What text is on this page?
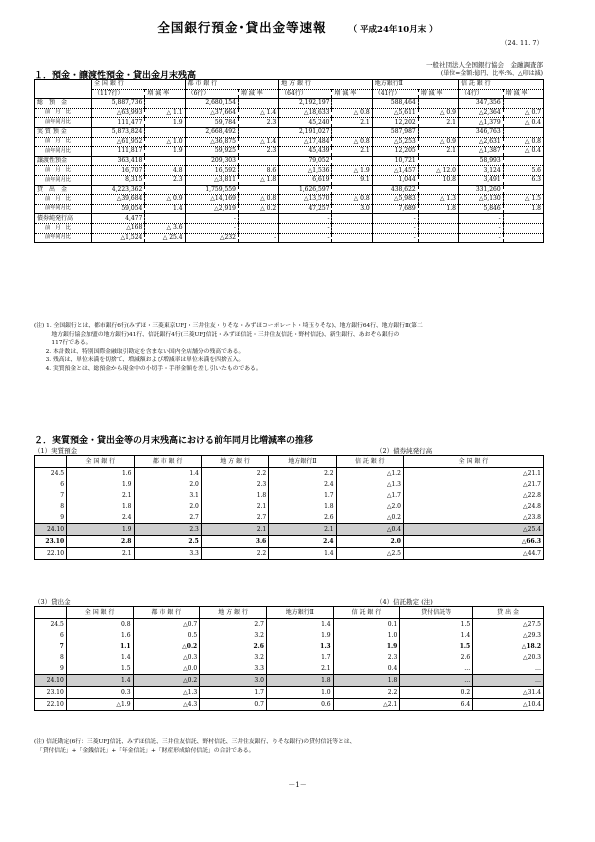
全国銀行預金･貸出金等速報	（ 平成24年10月末 ）
（24. 11. 7）
一般社団法人全国銀行協会　金融調査部
(単位=金額:億円、比率:%、△印は減)
１．預金・譲渡性預金・貸出金月末残高
	全 国 銀 行		都 市 銀 行		地 方 銀 行		地方銀行Ⅱ		信 託 銀 行	
	（117行）	増 減 率	（6行）	増 減 率	（64行）	増 減 率	（41行）	増 減 率	（4行）	増 減 率
総　預　金	5,887,736		2,680,154		2,192,197		588,464		347,356	
前　月　比	△63,993	△ 1.1	△37,664	△ 1.4	△18,633	△ 0.8	△5,611	△ 0.9	△2,364	△ 0.7
前年同月比	111,477	1.9	59,784	2.3	45,240	2.1	12,202	2.1	△1,379	△ 0.4
実 質 預 金	5,873,824		2,668,492		2,191,027		587,987		346,763	
前　月　比	△61,952	△ 1.0	△36,875	△ 1.4	△17,484	△ 0.8	△5,253	△ 0.9	△2,631	△ 0.8
前年同月比	111,817	1.9	59,925	2.3	45,439	2.1	12,205	2.1	△1,387	△ 0.4
譲渡性預金	363,418		209,303		79,052		10,721		58,993	
前　月　比	16,707	4.8	16,592	8.6	△1,536	△ 1.9	△1,457	△ 12.0	3,124	5.6
前年同月比	8,315	2.3	△3,811	△ 1.8	6,619	9.1	1,044	10.8	3,491	6.3
貸　出　金	4,223,362		1,759,559		1,626,597		438,622		331,260	
前　月　比	△39,684	△ 0.9	△14,169	△ 0.8	△13,570	△ 0.8	△5,983	△ 1.3	△5,130	△ 1.5
前年同月比	59,054	1.4	△2,919	△ 0.2	47,257	3.0	7,689	1.8	5,846	1.8
債券純発行高	4,477		-		-		-		-	
前　月　比	△168	△ 3.6	-		-		-		-	
前年同月比	△1,524	△ 25.4	△232	-	-		-		-	
(注) 1. 全国銀行とは、都市銀行6行(みずほ・三菱東京UFJ・三井住友・りそな・みずほコーポレート・埼玉りそな)、地方銀行64行、地方銀行Ⅱ(第二
　　　地方銀行協会加盟の地方銀行)41行、信託銀行4行(三菱UFJ信託・みずほ信託・三井住友信託・野村信託)、新生銀行、あおぞら銀行の
　　　117行である。
　　2. 本計数は、特別国際金融取引勘定を含まない国内全店舗分の残高である。
　　3. 残高は、単位未満を切捨て、増減額および増減率は単位未満を四捨五入。
　　4. 実質預金とは、総預金から現金中の小切手・手形金額を差し引いたものである。
２．実質預金・貸出金等の月末残高における前年同月比増減率の推移
（1）実質預金	（2）債券純発行高
	全 国 銀 行	都 市 銀 行	地 方 銀 行	地方銀行Ⅱ	信 託 銀 行	全 国 銀 行
24.5	1.6	1.4	2.2	2.2	△1.2	△21.1
6	1.9	2.0	2.3	2.4	△1.3	△21.7
7	2.1	3.1	1.8	1.7	△1.7	△22.8
8	1.8	2.0	2.1	1.8	△2.0	△24.8
9	2.4	2.7	2.7	2.6	△0.2	△23.8
24.10	1.9	2.3	2.1	2.1	△0.4	△25.4
23.10	2.8	2.5	3.6	2.4	2.0	△66.3
22.10	2.1	3.3	2.2	1.4	△2.5	△44.7
（3）貸出金	（4）信託勘定 (注)
	全 国 銀 行	都 市 銀 行	地 方 銀 行	地方銀行Ⅱ	信 託 銀 行	貸付信託等	貸 出 金
24.5	0.8	△0.7	2.7	1.4	0.1	1.5	△27.5
6	1.6	0.5	3.2	1.9	1.0	1.4	△29.3
7	1.1	△0.2	2.6	1.3	1.9	1.5	△18.2
8	1.4	△0.3	3.2	1.7	2.3	2.6	△20.3
9	1.5	△0.0	3.3	2.1	0.4	…	…
24.10	1.4	△0.2	3.0	1.8	1.8	…	…
23.10	0.3	△1.3	1.7	1.0	2.2	0.2	△31.4
22.10	△1.9	△4.3	0.7	0.6	△2.1	6.4	△10.4
(注) 信託勘定(6行：三菱UFJ信託、みずほ信託、三井住友信託、野村信託、三井住友銀行、りそな銀行)の貸付信託等とは、
　「貸付信託」+「金銭信託」+「年金信託」+「財産形成給付信託」の合計である。
－1－
